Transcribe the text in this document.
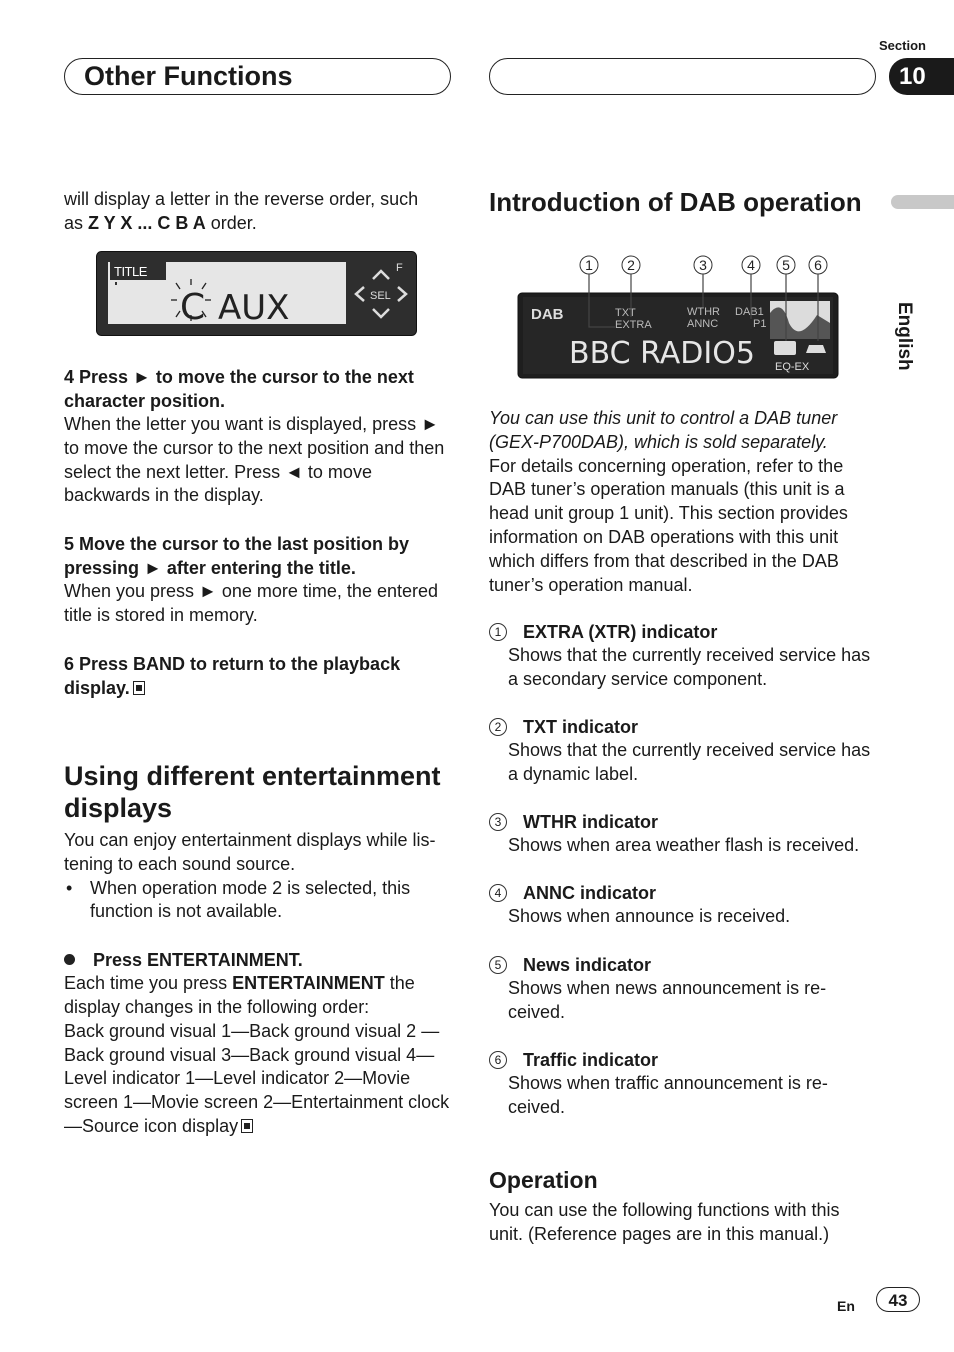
Other Functions
Section
10
English

will display a letter in the reverse order, such

as Z Y X ... C B A order.

TITLE
C AUX
F
SEL

4 Press ► to move the cursor to the next character position.

When the letter you want is displayed, press ► to move the cursor to the next position and then select the next letter. Press ◄ to move backwards in the display.

5 Move the cursor to the last position by pressing ► after entering the title.

When you press ► one more time, the entered title is stored in memory.

6 Press BAND to return to the playback display.

Using different entertainment displays

You can enjoy entertainment displays while lis-tening to each sound source.

• When operation mode 2 is selected, this function is not available.
Press ENTERTAINMENT.

Each time you press ENTERTAINMENT the display changes in the following order:

Back ground visual 1—Back ground visual 2 —Back ground visual 3—Back ground visual 4—Level indicator 1—Level indicator 2—Movie screen 1—Movie screen 2—Entertainment clock—Source icon display

Introduction of DAB operation
1 2	3	4 5 6
DAB	TXT
EXTRA
WTHR
ANNC
DAB1
P1
BBC RADIO5 EQ-EX

You can use this unit to control a DAB tuner (GEX-P700DAB), which is sold separately.

For details concerning operation, refer to the DAB tuner’s operation manuals (this unit is a head unit group 1 unit). This section provides information on DAB operations with this unit which differs from that described in the DAB tuner’s operation manual.

1 EXTRA (XTR) indicator
Shows that the currently received service has a secondary service component.
2 TXT indicator
Shows that the currently received service has a dynamic label.
3 WTHR indicator
Shows when area weather flash is received.
4 ANNC indicator
Shows when announce is received.
5 News indicator
Shows when news announcement is re-ceived.
6 Traffic indicator
Shows when traffic announcement is re-ceived.
Operation

You can use the following functions with this unit. (Reference pages are in this manual.)

En	43
